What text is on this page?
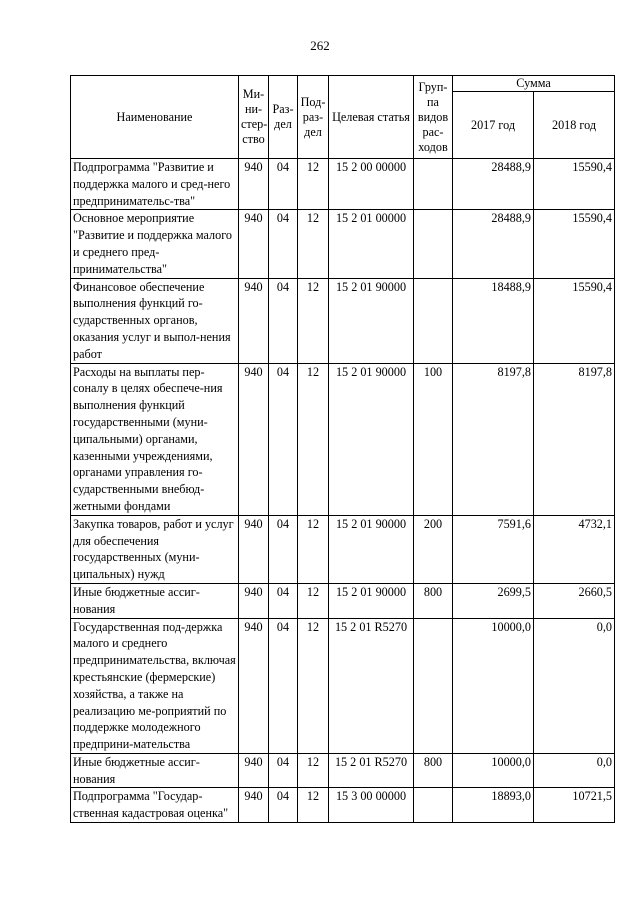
262
Наименование	Ми-ни-стер-ство	Раз-дел	Под-раз-дел	Целевая статья	Груп-па видов рас-ходов	Сумма	
						2017 год	2018 год
Подпрограмма "Развитие и поддержка малого и сред-него предпринимательс-тва"	940	04	12	15 2 00 00000		28488,9	15590,4
Основное мероприятие "Развитие и поддержка малого и среднего пред-принимательства"	940	04	12	15 2 01 00000		28488,9	15590,4
Финансовое обеспечение выполнения функций го-сударственных органов, оказания услуг и выпол-нения работ	940	04	12	15 2 01 90000		18488,9	15590,4
Расходы на выплаты пер-соналу в целях обеспече-ния выполнения функций государственными (муни-ципальными) органами, казенными учреждениями, органами управления го-сударственными внебюд-жетными фондами	940	04	12	15 2 01 90000	100	8197,8	8197,8
Закупка товаров, работ и услуг для обеспечения государственных (муни-ципальных) нужд	940	04	12	15 2 01 90000	200	7591,6	4732,1
Иные бюджетные ассиг-нования	940	04	12	15 2 01 90000	800	2699,5	2660,5
Государственная под-держка малого и среднего предпринимательства, включая крестьянские (фермерские) хозяйства, а также на реализацию ме-роприятий по поддержке молодежного предприни-мательства	940	04	12	15 2 01 R5270		10000,0	0,0
Иные бюджетные ассиг-нования	940	04	12	15 2 01 R5270	800	10000,0	0,0
Подпрограмма "Государ-ственная кадастровая оценка"	940	04	12	15 3 00 00000		18893,0	10721,5
